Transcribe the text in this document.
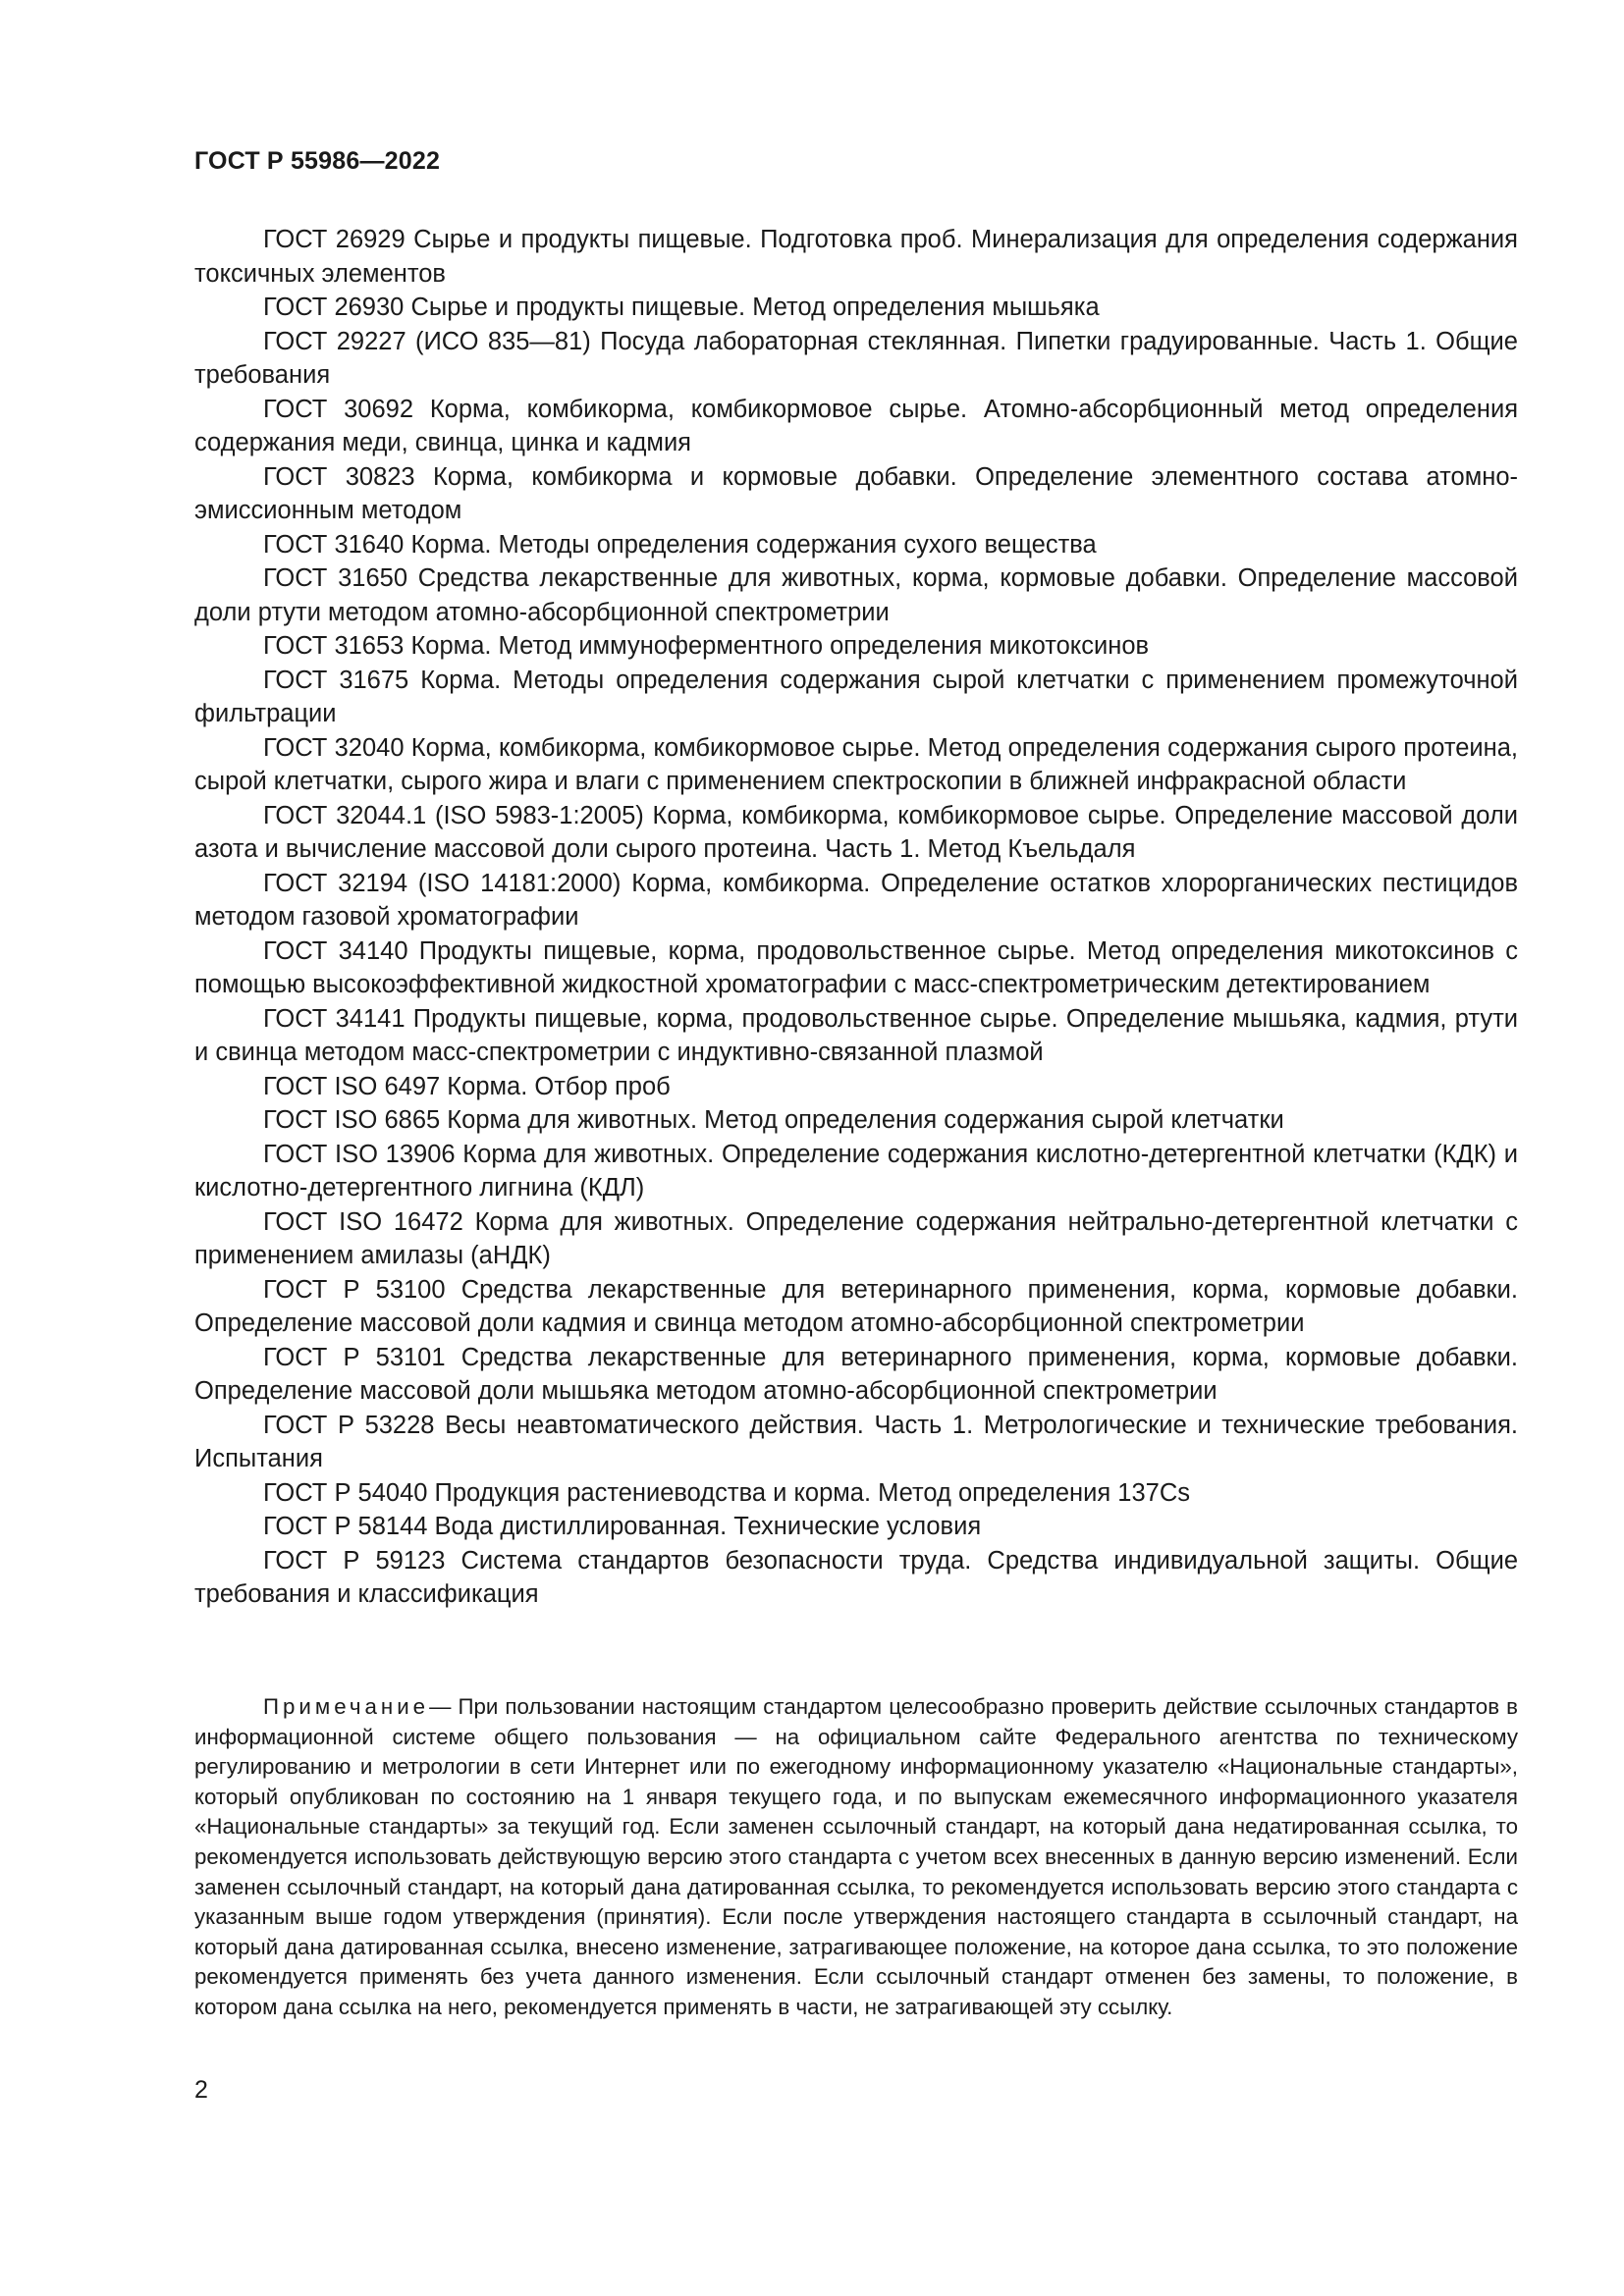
ГОСТ Р 55986—2022

ГОСТ 26929 Сырье и продукты пищевые. Подготовка проб. Минерализация для определения содержания токсичных элементов

ГОСТ 26930 Сырье и продукты пищевые. Метод определения мышьяка

ГОСТ 29227 (ИСО 835—81) Посуда лабораторная стеклянная. Пипетки градуированные. Часть 1. Общие требования

ГОСТ 30692 Корма, комбикорма, комбикормовое сырье. Атомно-абсорбционный метод определения содержания меди, свинца, цинка и кадмия

ГОСТ 30823 Корма, комбикорма и кормовые добавки. Определение элементного состава атомно-эмиссионным методом

ГОСТ 31640 Корма. Методы определения содержания сухого вещества

ГОСТ 31650 Средства лекарственные для животных, корма, кормовые добавки. Определение массовой доли ртути методом атомно-абсорбционной спектрометрии

ГОСТ 31653 Корма. Метод иммуноферментного определения микотоксинов

ГОСТ 31675 Корма. Методы определения содержания сырой клетчатки с применением промежуточной фильтрации

ГОСТ 32040 Корма, комбикорма, комбикормовое сырье. Метод определения содержания сырого протеина, сырой клетчатки, сырого жира и влаги с применением спектроскопии в ближней инфракрасной области

ГОСТ 32044.1 (ISO 5983-1:2005) Корма, комбикорма, комбикормовое сырье. Определение массовой доли азота и вычисление массовой доли сырого протеина. Часть 1. Метод Къельдаля

ГОСТ 32194 (ISO 14181:2000) Корма, комбикорма. Определение остатков хлорорганических пестицидов методом газовой хроматографии

ГОСТ 34140 Продукты пищевые, корма, продовольственное сырье. Метод определения микотоксинов с помощью высокоэффективной жидкостной хроматографии с масс-спектрометрическим детектированием

ГОСТ 34141 Продукты пищевые, корма, продовольственное сырье. Определение мышьяка, кадмия, ртути и свинца методом масс-спектрометрии с индуктивно-связанной плазмой

ГОСТ ISO 6497 Корма. Отбор проб

ГОСТ ISO 6865 Корма для животных. Метод определения содержания сырой клетчатки

ГОСТ ISO 13906 Корма для животных. Определение содержания кислотно-детергентной клетчатки (КДК) и кислотно-детергентного лигнина (КДЛ)

ГОСТ ISO 16472 Корма для животных. Определение содержания нейтрально-детергентной клетчатки с применением амилазы (аНДК)

ГОСТ Р 53100 Средства лекарственные для ветеринарного применения, корма, кормовые добавки. Определение массовой доли кадмия и свинца методом атомно-абсорбционной спектрометрии

ГОСТ Р 53101 Средства лекарственные для ветеринарного применения, корма, кормовые добавки. Определение массовой доли мышьяка методом атомно-абсорбционной спектрометрии

ГОСТ Р 53228 Весы неавтоматического действия. Часть 1. Метрологические и технические требования. Испытания

ГОСТ Р 54040 Продукция растениеводства и корма. Метод определения 137Cs

ГОСТ Р 58144 Вода дистиллированная. Технические условия

ГОСТ Р 59123 Система стандартов безопасности труда. Средства индивидуальной защиты. Общие требования и классификация

Примечание— При пользовании настоящим стандартом целесообразно проверить действие ссылочных стандартов в информационной системе общего пользования — на официальном сайте Федерального агентства по техническому регулированию и метрологии в сети Интернет или по ежегодному информационному указателю «Национальные стандарты», который опубликован по состоянию на 1 января текущего года, и по выпускам ежемесячного информационного указателя «Национальные стандарты» за текущий год. Если заменен ссылочный стандарт, на который дана недатированная ссылка, то рекомендуется использовать действующую версию этого стандарта с учетом всех внесенных в данную версию изменений. Если заменен ссылочный стандарт, на который дана датированная ссылка, то рекомендуется использовать версию этого стандарта с указанным выше годом утверждения (принятия). Если после утверждения настоящего стандарта в ссылочный стандарт, на который дана датированная ссылка, внесено изменение, затрагивающее положение, на которое дана ссылка, то это положение рекомендуется применять без учета данного изменения. Если ссылочный стандарт отменен без замены, то положение, в котором дана ссылка на него, рекомендуется применять в части, не затрагивающей эту ссылку.

2
